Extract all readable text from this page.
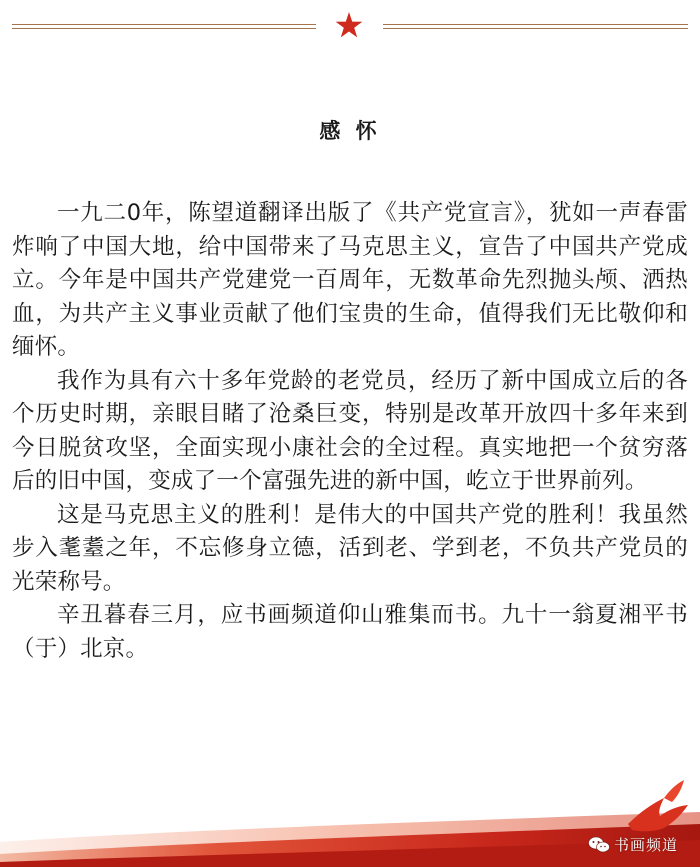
感 怀

一九二0年，陈望道翻译出版了《共产党宣言》，犹如一声春雷炸响了中国大地，给中国带来了马克思主义，宣告了中国共产党成立。今年是中国共产党建党一百周年，无数革命先烈抛头颅、洒热血，为共产主义事业贡献了他们宝贵的生命，值得我们无比敬仰和缅怀。

我作为具有六十多年党龄的老党员，经历了新中国成立后的各个历史时期，亲眼目睹了沧桑巨变，特别是改革开放四十多年来到今日脱贫攻坚，全面实现小康社会的全过程。真实地把一个贫穷落后的旧中国，变成了一个富强先进的新中国，屹立于世界前列。

这是马克思主义的胜利！是伟大的中国共产党的胜利！我虽然步入耄耋之年，不忘修身立德，活到老、学到老，不负共产党员的光荣称号。

辛丑暮春三月，应书画频道仰山雅集而书。九十一翁夏湘平书（于）北京。

书画频道
